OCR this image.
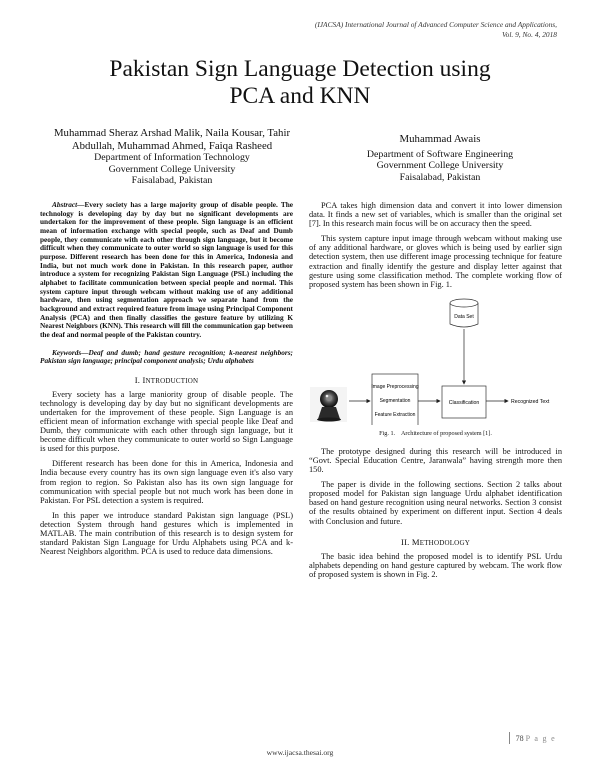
(IJACSA) International Journal of Advanced Computer Science and Applications,
Vol. 9, No. 4, 2018
Pakistan Sign Language Detection using
PCA and KNN
Muhammad Sheraz Arshad Malik, Naila Kousar, Tahir
Abdullah, Muhammad Ahmed, Faiqa Rasheed
Department of Information Technology
Government College University
Faisalabad, Pakistan
Muhammad Awais
Department of Software Engineering
Government College University
Faisalabad, Pakistan

Abstract—Every society has a large majority group of disable people. The technology is developing day by day but no significant developments are undertaken for the improvement of these people. Sign language is an efficient mean of information exchange with special people, such as Deaf and Dumb people, they communicate with each other through sign language, but it become difficult when they communicate to outer world so sign language is used for this purpose. Different research has been done for this in America, Indonesia and India, but not much work done in Pakistan. In this research paper, author introduce a system for recognizing Pakistan Sign Language (PSL) including the alphabet to facilitate communication between special people and normal. This system capture input through webcam without making use of any additional hardware, then using segmentation approach we separate hand from the background and extract required feature from image using Principal Component Analysis (PCA) and then finally classifies the gesture feature by utilizing K Nearest Neighbors (KNN). This research will fill the communication gap between the deaf and normal people of the Pakistan country.

Keywords—Deaf and dumb; hand gesture recognition; k-nearest neighbors; Pakistan sign language; principal component analysis; Urdu alphabets

I. INTRODUCTION

Every society has a large maniority group of disable people. The technology is developing day by day but no significant developments are undertaken for the improvement of these people. Sign Language is an efficient mean of information exchange with special people like Deaf and Dumb, they communicate with each other through sign language, but it become difficult when they communicate to outer world so Sign Language is used for this purpose.

Different research has been done for this in America, Indonesia and India because every country has its own sign language even it's also vary from region to region. So Pakistan also has its own sign language for communication with special people but not much work has been done in Pakistan. For PSL detection a system is required.

In this paper we introduce standard Pakistan sign language (PSL) detection System through hand gestures which is implemented in MATLAB. The main contribution of this research is to design system for standard Pakistan Sign Language for Urdu Alphabets using PCA and k-Nearest Neighbors algorithm. PCA is used to reduce data dimensions.

PCA takes high dimension data and convert it into lower dimension data. It finds a new set of variables, which is smaller than the original set [7]. In this research main focus will be on accuracy then the speed.

This system capture input image through webcam without making use of any additional hardware, or gloves which is being used by earlier sign detection system, then use different image processing technique for feature extraction and finally identify the gesture and display letter against that gesture using some classification method. The complete working flow of proposed system has been shown in Fig. 1.

Data Set
Image Preprocessing
Segmentation
Feature Extraction
Classification	Recognized Text
Fig. 1. Architecture of proposed system [1].

The prototype designed during this research will be introduced in “Govt. Special Education Centre, Jaranwala” having strength more then 150.

The paper is divide in the following sections. Section 2 talks about proposed model for Pakistan sign language Urdu alphabet identification based on hand gesture recognition using neural networks. Section 3 consist of the results obtained by experiment on different input. Section 4 deals with Conclusion and future.

II. METHODOLOGY

The basic idea behind the proposed model is to identify PSL Urdu alphabets depending on hand gesture captured by webcam. The work flow of proposed system is shown in Fig. 2.

78 P a g e
www.ijacsa.thesai.org
